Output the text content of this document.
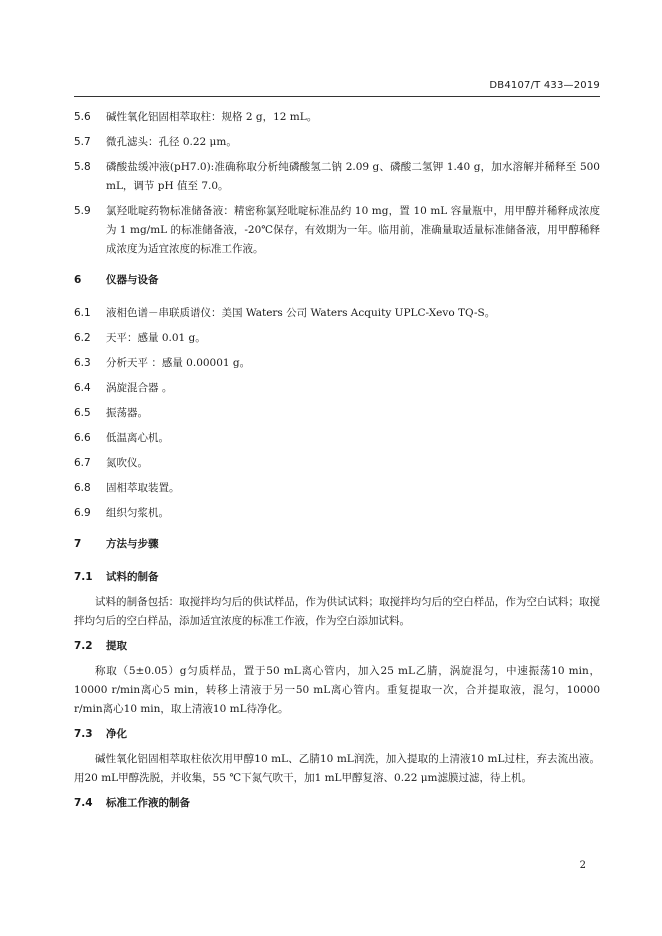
DB4107/T 433—2019
5.6	碱性氧化铝固相萃取柱：规格 2 g，12 mL。
5.7	微孔滤头：孔径 0.22 μm。
5.8	磷酸盐缓冲液(pH7.0):准确称取分析纯磷酸氢二钠 2.09 g、磷酸二氢钾 1.40 g，加水溶解并稀释至 500 mL，调节 pH 值至 7.0。
5.9	氯羟吡啶药物标准储备液：精密称氯羟吡啶标准品约 10 mg，置 10 mL 容量瓶中，用甲醇并稀释成浓度为 1 mg/mL 的标准储备液，-20℃保存，有效期为一年。临用前，准确量取适量标准储备液，用甲醇稀释成浓度为适宜浓度的标准工作液。
6	仪器与设备
6.1	液相色谱－串联质谱仪：美国 Waters 公司 Waters Acquity UPLC-Xevo TQ-S。
6.2	天平：感量 0.01 g。
6.3	分析天平 ：感量 0.00001 g。
6.4	涡旋混合器 。
6.5	振荡器。
6.6	低温离心机。
6.7	氮吹仪。
6.8	固相萃取装置。
6.9	组织匀浆机。
7	方法与步骤
7.1	试料的制备

试料的制备包括：取搅拌均匀后的供试样品，作为供试试料；取搅拌均匀后的空白样品，作为空白试料；取搅拌均匀后的空白样品，添加适宜浓度的标准工作液，作为空白添加试料。

7.2	提取

称取（5±0.05）g匀质样品，置于50 mL离心管内，加入25 mL乙腈，涡旋混匀，中速振荡10 min，10000 r/min离心5 min，转移上清液于另一50 mL离心管内。重复提取一次，合并提取液，混匀，10000 r/min离心10 min，取上清液10 mL待净化。

7.3	净化

碱性氧化铝固相萃取柱依次用甲醇10 mL、乙腈10 mL润洗，加入提取的上清液10 mL过柱，弃去流出液。用20 mL甲醇洗脱，并收集，55 ℃下氮气吹干，加1 mL甲醇复溶、0.22 μm滤膜过滤，待上机。

7.4	标准工作液的制备
2
